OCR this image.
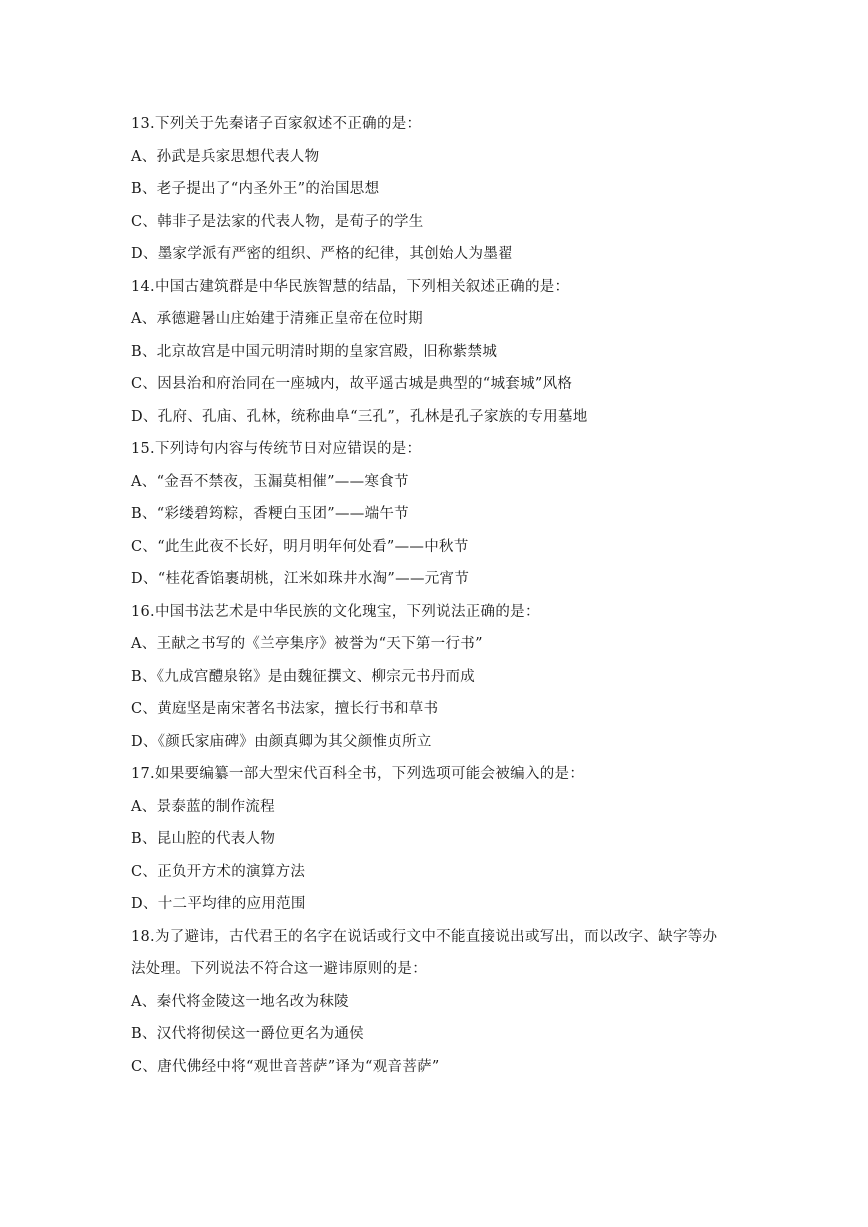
13.下列关于先秦诸子百家叙述不正确的是：
A、孙武是兵家思想代表人物
B、老子提出了“内圣外王”的治国思想
C、韩非子是法家的代表人物，是荀子的学生
D、墨家学派有严密的组织、严格的纪律，其创始人为墨翟
14.中国古建筑群是中华民族智慧的结晶，下列相关叙述正确的是：
A、承德避暑山庄始建于清雍正皇帝在位时期
B、北京故宫是中国元明清时期的皇家宫殿，旧称紫禁城
C、因县治和府治同在一座城内，故平遥古城是典型的“城套城”风格
D、孔府、孔庙、孔林，统称曲阜“三孔”，孔林是孔子家族的专用墓地
15.下列诗句内容与传统节日对应错误的是：
A、“金吾不禁夜，玉漏莫相催”——寒食节
B、“彩缕碧筠粽，香粳白玉团”——端午节
C、“此生此夜不长好，明月明年何处看”——中秋节
D、“桂花香馅裹胡桃，江米如珠井水淘”——元宵节
16.中国书法艺术是中华民族的文化瑰宝，下列说法正确的是：
A、王献之书写的《兰亭集序》被誉为“天下第一行书”
B、《九成宫醴泉铭》是由魏征撰文、柳宗元书丹而成
C、黄庭坚是南宋著名书法家，擅长行书和草书
D、《颜氏家庙碑》由颜真卿为其父颜惟贞所立
17.如果要编纂一部大型宋代百科全书，下列选项可能会被编入的是：
A、景泰蓝的制作流程
B、昆山腔的代表人物
C、正负开方术的演算方法
D、十二平均律的应用范围
18.为了避讳，古代君王的名字在说话或行文中不能直接说出或写出，而以改字、缺字等办
法处理。下列说法不符合这一避讳原则的是：
A、秦代将金陵这一地名改为秣陵
B、汉代将彻侯这一爵位更名为通侯
C、唐代佛经中将“观世音菩萨”译为“观音菩萨”
